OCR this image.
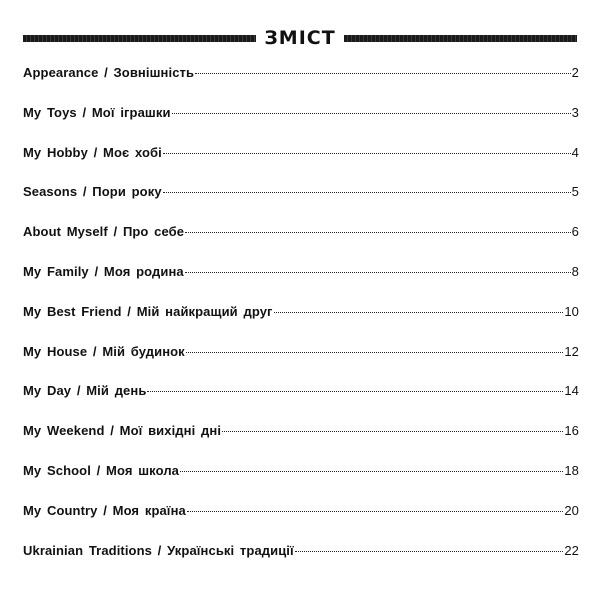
ЗМІСТ
Appearance / Зовнішність	2
My Toys / Мої іграшки	3
My Hobby / Моє хобі	4
Seasons / Пори року	5
About Myself / Про себе	6
My Family / Моя родина	8
My Best Friend / Мій найкращий друг	10
My House / Мій будинок	12
My Day / Мій день	14
My Weekend / Мої вихідні дні	16
My School / Моя школа	18
My Country / Моя країна	20
Ukrainian Traditions / Українські традиції	22
